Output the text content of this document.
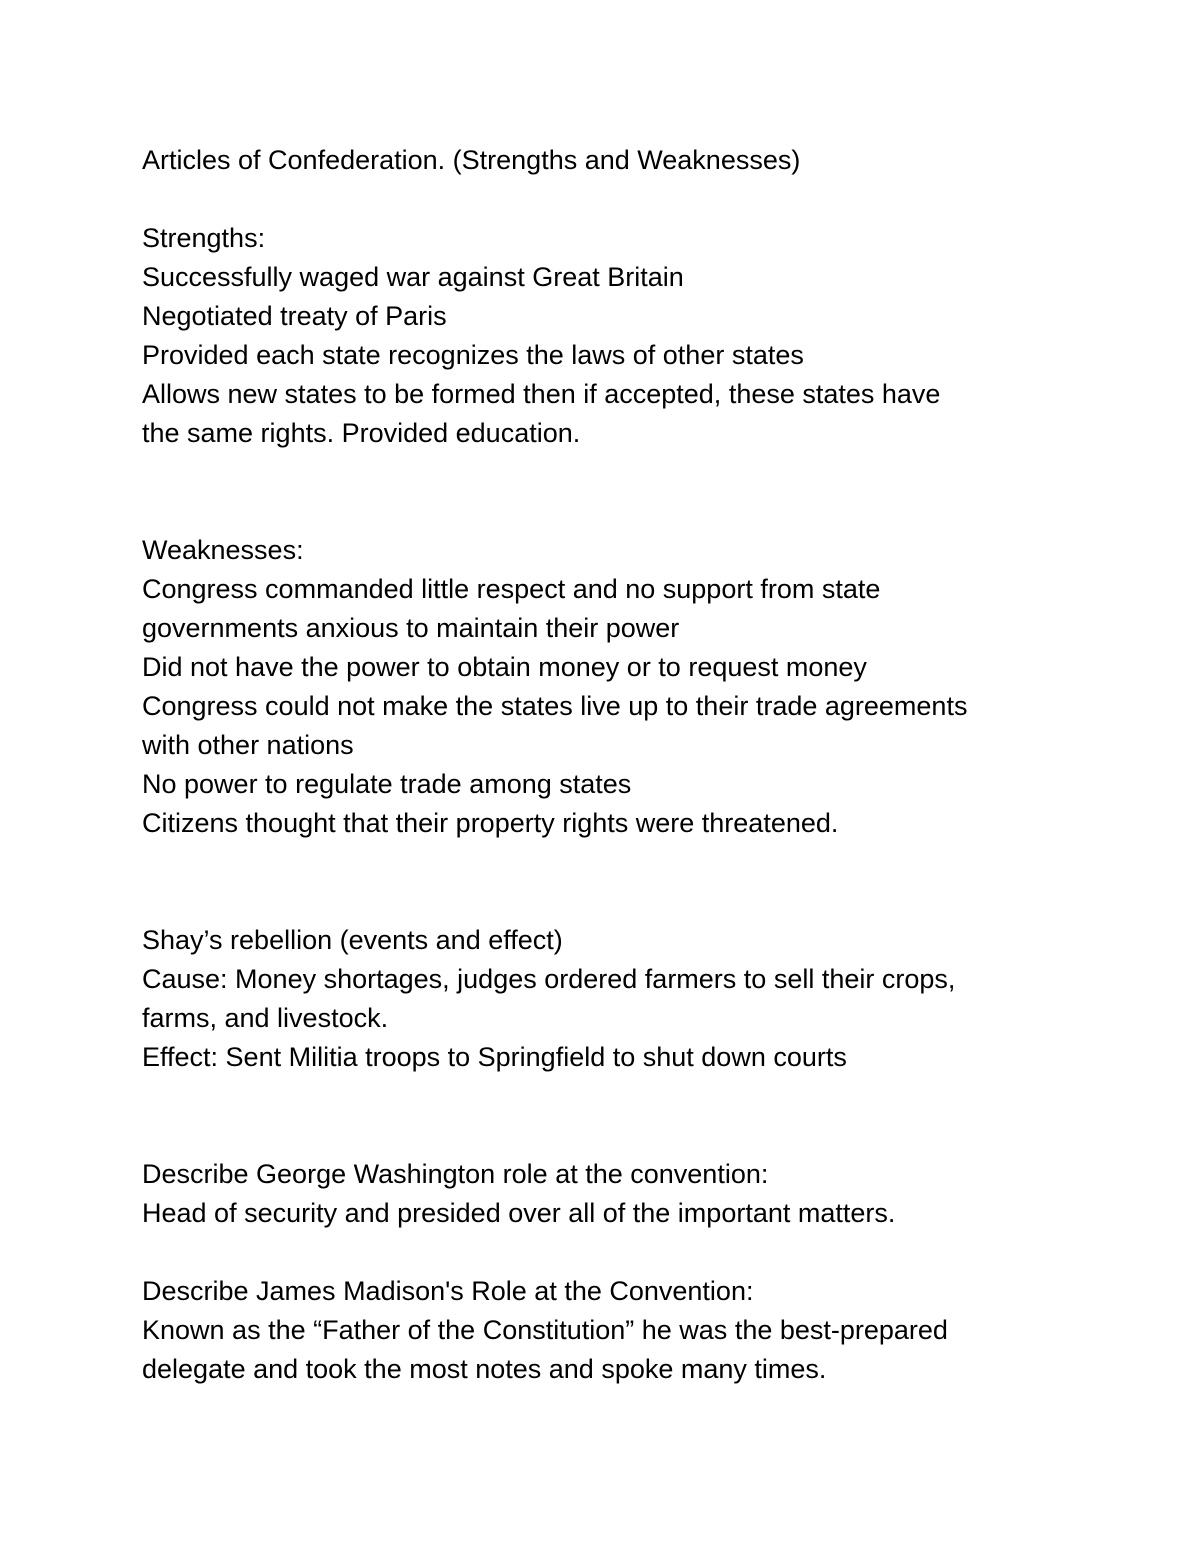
Articles of Confederation. (Strengths and Weaknesses)

Strengths:

Successfully waged war against Great Britain

Negotiated treaty of Paris

Provided each state recognizes the laws of other states

Allows new states to be formed then if accepted, these states have

the same rights. Provided education.

Weaknesses:

Congress commanded little respect and no support from state

governments anxious to maintain their power

Did not have the power to obtain money or to request money

Congress could not make the states live up to their trade agreements

with other nations

No power to regulate trade among states

Citizens thought that their property rights were threatened.

Shay’s rebellion (events and effect)

Cause: Money shortages, judges ordered farmers to sell their crops,

farms, and livestock.

Effect: Sent Militia troops to Springfield to shut down courts

Describe George Washington role at the convention:

Head of security and presided over all of the important matters.

Describe James Madison's Role at the Convention:

Known as the “Father of the Constitution” he was the best-prepared

delegate and took the most notes and spoke many times.
